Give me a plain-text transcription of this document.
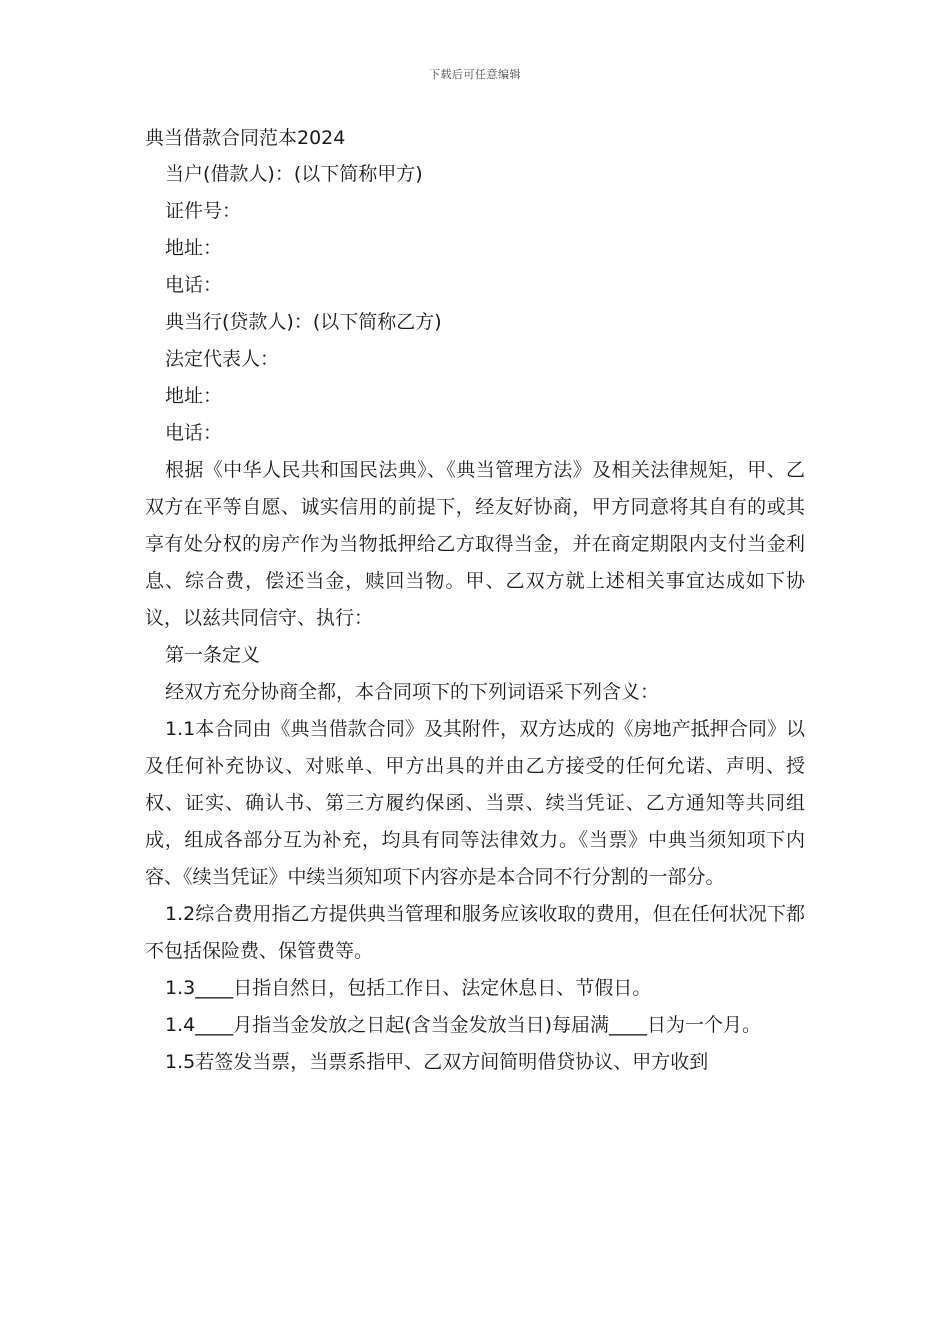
下载后可任意编辑
典当借款合同范本2024

当户(借款人)：(以下简称甲方)

证件号：

地址：

电话：

典当行(贷款人)：(以下简称乙方)

法定代表人：

地址：

电话：

根据《中华人民共和国民法典》、《典当管理方法》及相关法律规矩，甲、乙双方在平等自愿、诚实信用的前提下，经友好协商，甲方同意将其自有的或其享有处分权的房产作为当物抵押给乙方取得当金，并在商定期限内支付当金利息、综合费，偿还当金，赎回当物。甲、乙双方就上述相关事宜达成如下协议，以兹共同信守、执行：

第一条定义

经双方充分协商全都，本合同项下的下列词语采下列含义：

1.1本合同由《典当借款合同》及其附件，双方达成的《房地产抵押合同》以及任何补充协议、对账单、甲方出具的并由乙方接受的任何允诺、声明、授权、证实、确认书、第三方履约保函、当票、续当凭证、乙方通知等共同组成，组成各部分互为补充，均具有同等法律效力。《当票》中典当须知项下内容、《续当凭证》中续当须知项下内容亦是本合同不行分割的一部分。

1.2综合费用指乙方提供典当管理和服务应该收取的费用，但在任何状况下都不包括保险费、保管费等。

1.3____日指自然日，包括工作日、法定休息日、节假日。

1.4____月指当金发放之日起(含当金发放当日)每届满____日为一个月。

1.5若签发当票，当票系指甲、乙双方间简明借贷协议、甲方收到
